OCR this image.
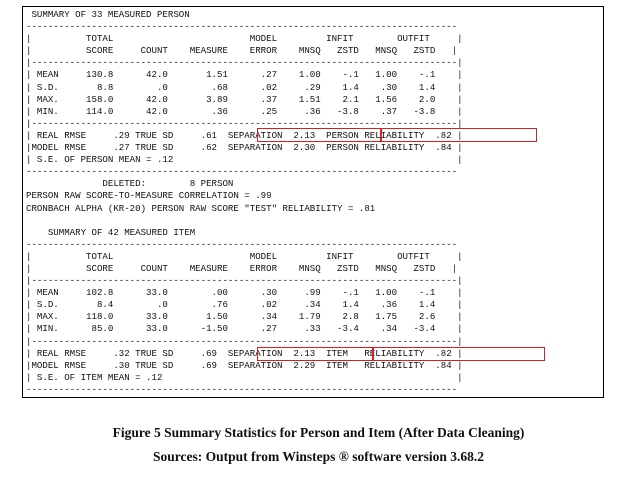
SUMMARY OF 33 MEASURED PERSON
-------------------------------------------------------------------------------
|          TOTAL                         MODEL         INFIT        OUTFIT     |
|          SCORE     COUNT    MEASURE    ERROR    MNSQ   ZSTD   MNSQ   ZSTD   |
|------------------------------------------------------------------------------|
| MEAN     130.8      42.0       1.51      .27    1.00    -.1   1.00    -.1    |
| S.D.       8.8        .0        .68      .02     .29    1.4    .30    1.4    |
| MAX.     158.0      42.0       3.89      .37    1.51    2.1   1.56    2.0    |
| MIN.     114.0      42.0        .36      .25     .36   -3.8    .37   -3.8    |
|------------------------------------------------------------------------------|
| REAL RMSE     .29 TRUE SD     .61  SEPARATION  2.13  PERSON RELIABILITY  .82 |
|MODEL RMSE     .27 TRUE SD     .62  SEPARATION  2.30  PERSON RELIABILITY  .84 |
| S.E. OF PERSON MEAN = .12                                                    |
-------------------------------------------------------------------------------
DELETED:        8 PERSON
PERSON RAW SCORE-TO-MEASURE CORRELATION = .99
CRONBACH ALPHA (KR-20) PERSON RAW SCORE "TEST" RELIABILITY = .81

SUMMARY OF 42 MEASURED ITEM
-------------------------------------------------------------------------------
|          TOTAL                         MODEL         INFIT        OUTFIT     |
|          SCORE     COUNT    MEASURE    ERROR    MNSQ   ZSTD   MNSQ   ZSTD   |
|------------------------------------------------------------------------------|
| MEAN     102.8      33.0        .00      .30     .99    -.1   1.00    -.1    |
| S.D.       8.4        .0        .76      .02     .34    1.4    .36    1.4    |
| MAX.     118.0      33.0       1.50      .34    1.79    2.8   1.75    2.6    |
| MIN.      85.0      33.0      -1.50      .27     .33   -3.4    .34   -3.4    |
|------------------------------------------------------------------------------|
| REAL RMSE     .32 TRUE SD     .69  SEPARATION  2.13  ITEM   RELIABILITY  .82 |
|MODEL RMSE     .30 TRUE SD     .69  SEPARATION  2.29  ITEM   RELIABILITY  .84 |
| S.E. OF ITEM MEAN = .12                                                      |
-------------------------------------------------------------------------------

Figure 5 Summary Statistics for Person and Item (After Data Cleaning)

Sources: Output from Winsteps ® software version 3.68.2
